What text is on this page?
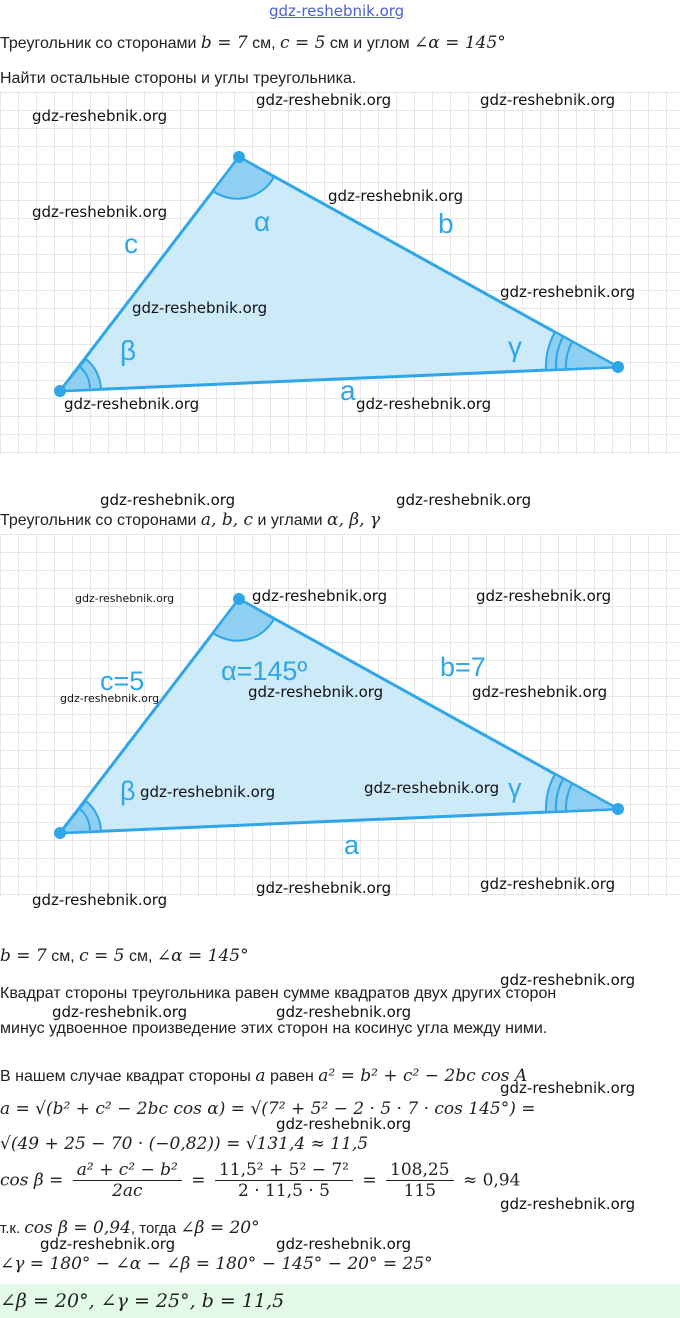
gdz-reshebnik.org
Треугольник со сторонами b = 7 см, c = 5 см и углом ∠α = 145°
Найти остальные стороны и углы треугольника.
c
b
a
α
β	γ
gdz-reshebnik.org
gdz-reshebnik.org	gdz-reshebnik.org
gdz-reshebnik.org
gdz-reshebnik.org
gdz-reshebnik.org
gdz-reshebnik.org
gdz-reshebnik.org	gdz-reshebnik.org
gdz-reshebnik.org	gdz-reshebnik.org
Треугольник со сторонами a, b, c и углами α, β, γ
c=5	b=7
a
α=145º
β	γ
gdz-reshebnik.org	gdz-reshebnik.org	gdz-reshebnik.org
gdz-reshebnik.org	gdz-reshebnik.org	gdz-reshebnik.org
gdz-reshebnik.org	gdz-reshebnik.org
gdz-reshebnik.org	gdz-reshebnik.org
gdz-reshebnik.org
b = 7 см, c = 5 см, ∠α = 145°
gdz-reshebnik.org
Квадрат стороны треугольника равен сумме квадратов двух других сторон
gdz-reshebnik.org	gdz-reshebnik.org
минус удвоенное произведение этих сторон на косинус угла между ними.
В нашем случае квадрат стороны a равен a² = b² + c² − 2bc cos A
gdz-reshebnik.org
a = √(b² + c² − 2bc cos α) = √(7² + 5² − 2 · 5 · 7 · cos 145°) =
gdz-reshebnik.org
√(49 + 25 − 70 · (−0,82)) = √131,4 ≈ 11,5
$\cos \beta = \frac{\text{a² + c² − b²}}{2ac} = \frac{\text{11,5² + 5² − 7²}}{2 \cdot 11,5 \cdot 5} = \frac{108,25}{115} \approx 0,94$
gdz-reshebnik.org
т.к. cos β = 0,94, тогда ∠β = 20°
gdz-reshebnik.org	gdz-reshebnik.org
∠γ = 180° − ∠α − ∠β = 180° − 145° − 20° = 25°
∠β = 20°, ∠γ = 25°, b = 11,5
